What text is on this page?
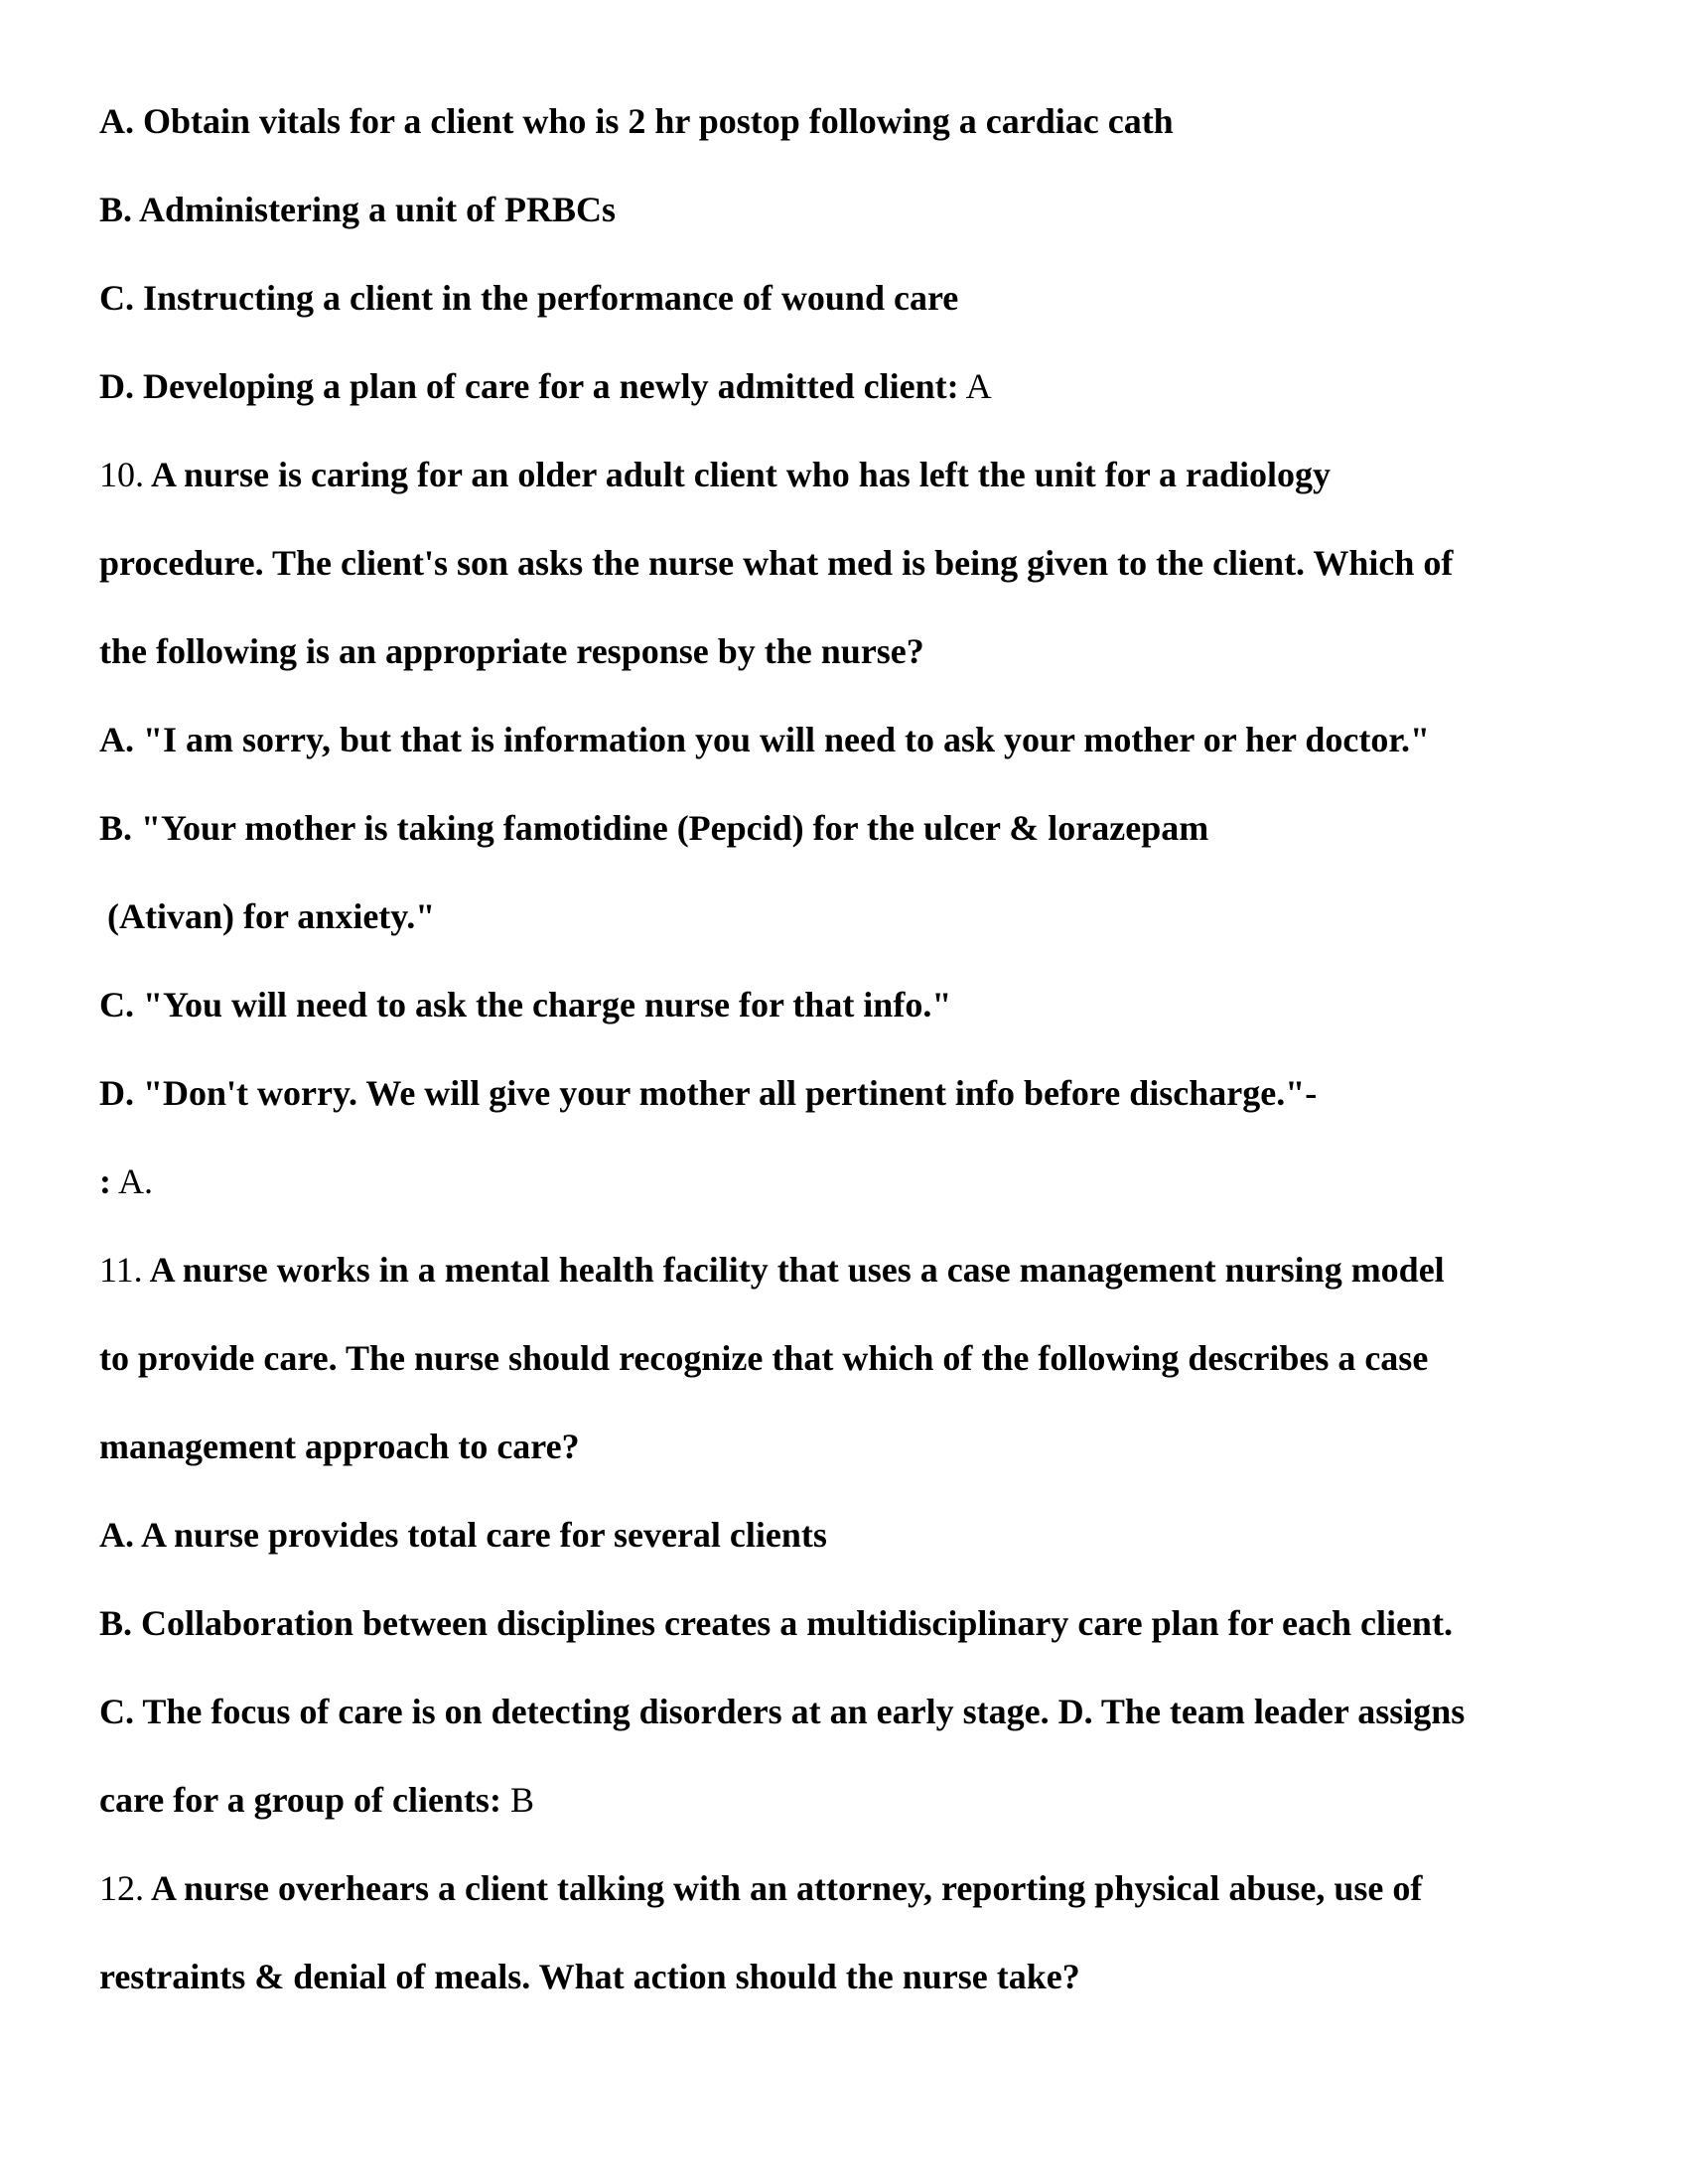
A. Obtain vitals for a client who is 2 hr postop following a cardiac cath
B. Administering a unit of PRBCs
C. Instructing a client in the performance of wound care
D. Developing a plan of care for a newly admitted client: A
10. A nurse is caring for an older adult client who has left the unit for a radiology
procedure. The client's son asks the nurse what med is being given to the client. Which of
the following is an appropriate response by the nurse?
A. "I am sorry, but that is information you will need to ask your mother or her doctor."
B. "Your mother is taking famotidine (Pepcid) for the ulcer & lorazepam
(Ativan) for anxiety."
C. "You will need to ask the charge nurse for that info."
D. "Don't worry. We will give your mother all pertinent info before discharge."-
: A.
11. A nurse works in a mental health facility that uses a case management nursing model
to provide care. The nurse should recognize that which of the following describes a case
management approach to care?
A. A nurse provides total care for several clients
B. Collaboration between disciplines creates a multidisciplinary care plan for each client.
C. The focus of care is on detecting disorders at an early stage. D. The team leader assigns
care for a group of clients: B
12. A nurse overhears a client talking with an attorney, reporting physical abuse, use of
restraints & denial of meals. What action should the nurse take?
